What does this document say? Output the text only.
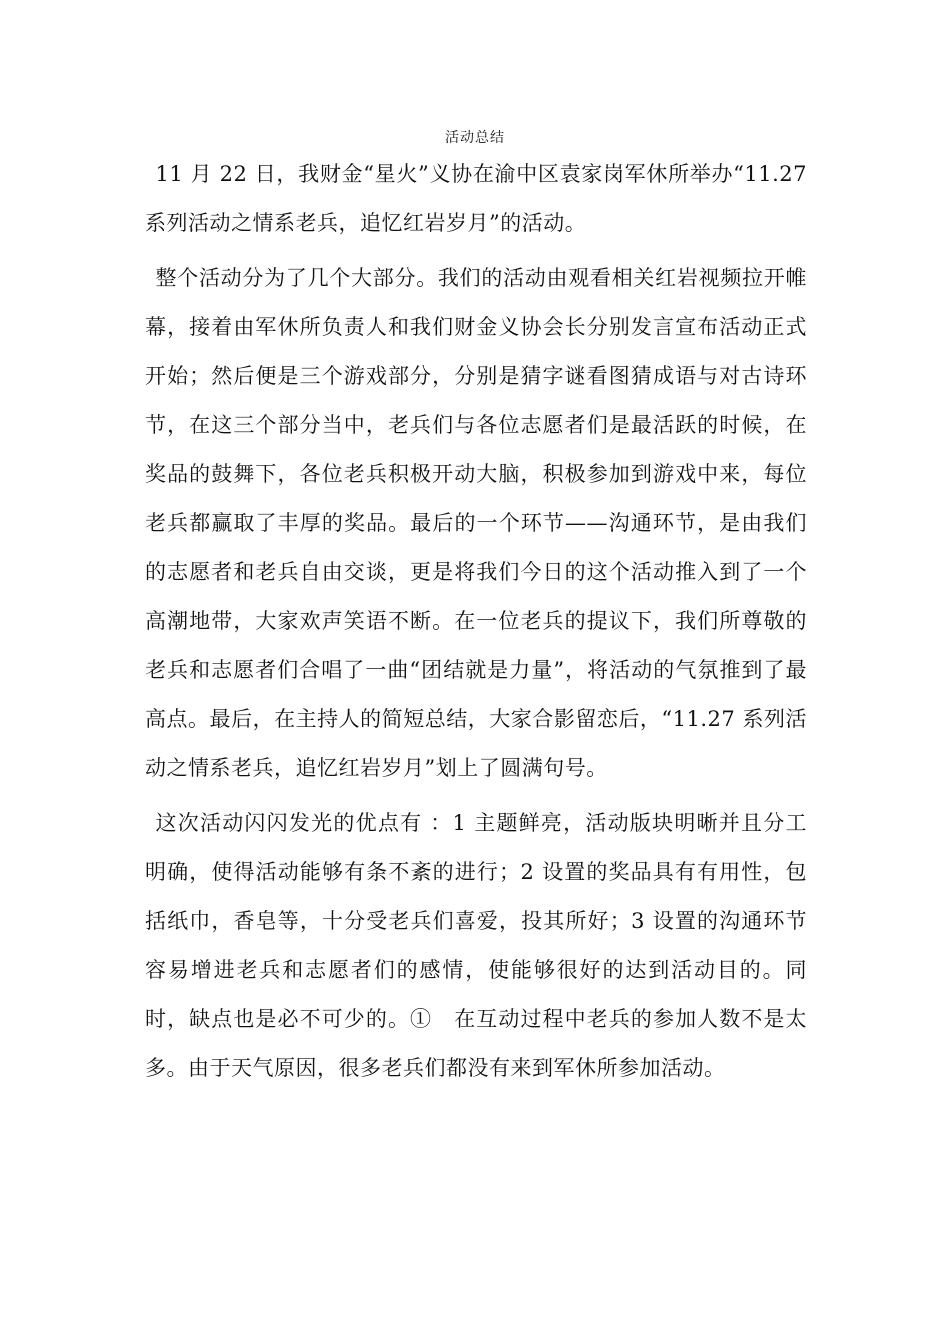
活动总结

11 月 22 日，我财金“星火”义协在渝中区袁家岗军休所举办“11.27 系列活动之情系老兵，追忆红岩岁月”的活动。

整个活动分为了几个大部分。我们的活动由观看相关红岩视频拉开帷幕，接着由军休所负责人和我们财金义协会长分别发言宣布活动正式开始；然后便是三个游戏部分，分别是猜字谜看图猜成语与对古诗环节，在这三个部分当中，老兵们与各位志愿者们是最活跃的时候，在奖品的鼓舞下，各位老兵积极开动大脑，积极参加到游戏中来，每位老兵都赢取了丰厚的奖品。最后的一个环节——沟通环节，是由我们的志愿者和老兵自由交谈，更是将我们今日的这个活动推入到了一个高潮地带，大家欢声笑语不断。在一位老兵的提议下，我们所尊敬的老兵和志愿者们合唱了一曲“团结就是力量”，将活动的气氛推到了最高点。最后，在主持人的简短总结，大家合影留恋后，“11.27 系列活动之情系老兵，追忆红岩岁月”划上了圆满句号。

这次活动闪闪发光的优点有 ：1 主题鲜亮，活动版块明晰并且分工明确，使得活动能够有条不紊的进行；2 设置的奖品具有有用性，包括纸巾，香皂等，十分受老兵们喜爱，投其所好；3 设置的沟通环节容易增进老兵和志愿者们的感情，使能够很好的达到活动目的。同时，缺点也是必不可少的。①　在互动过程中老兵的参加人数不是太多。由于天气原因，很多老兵们都没有来到军休所参加活动。
